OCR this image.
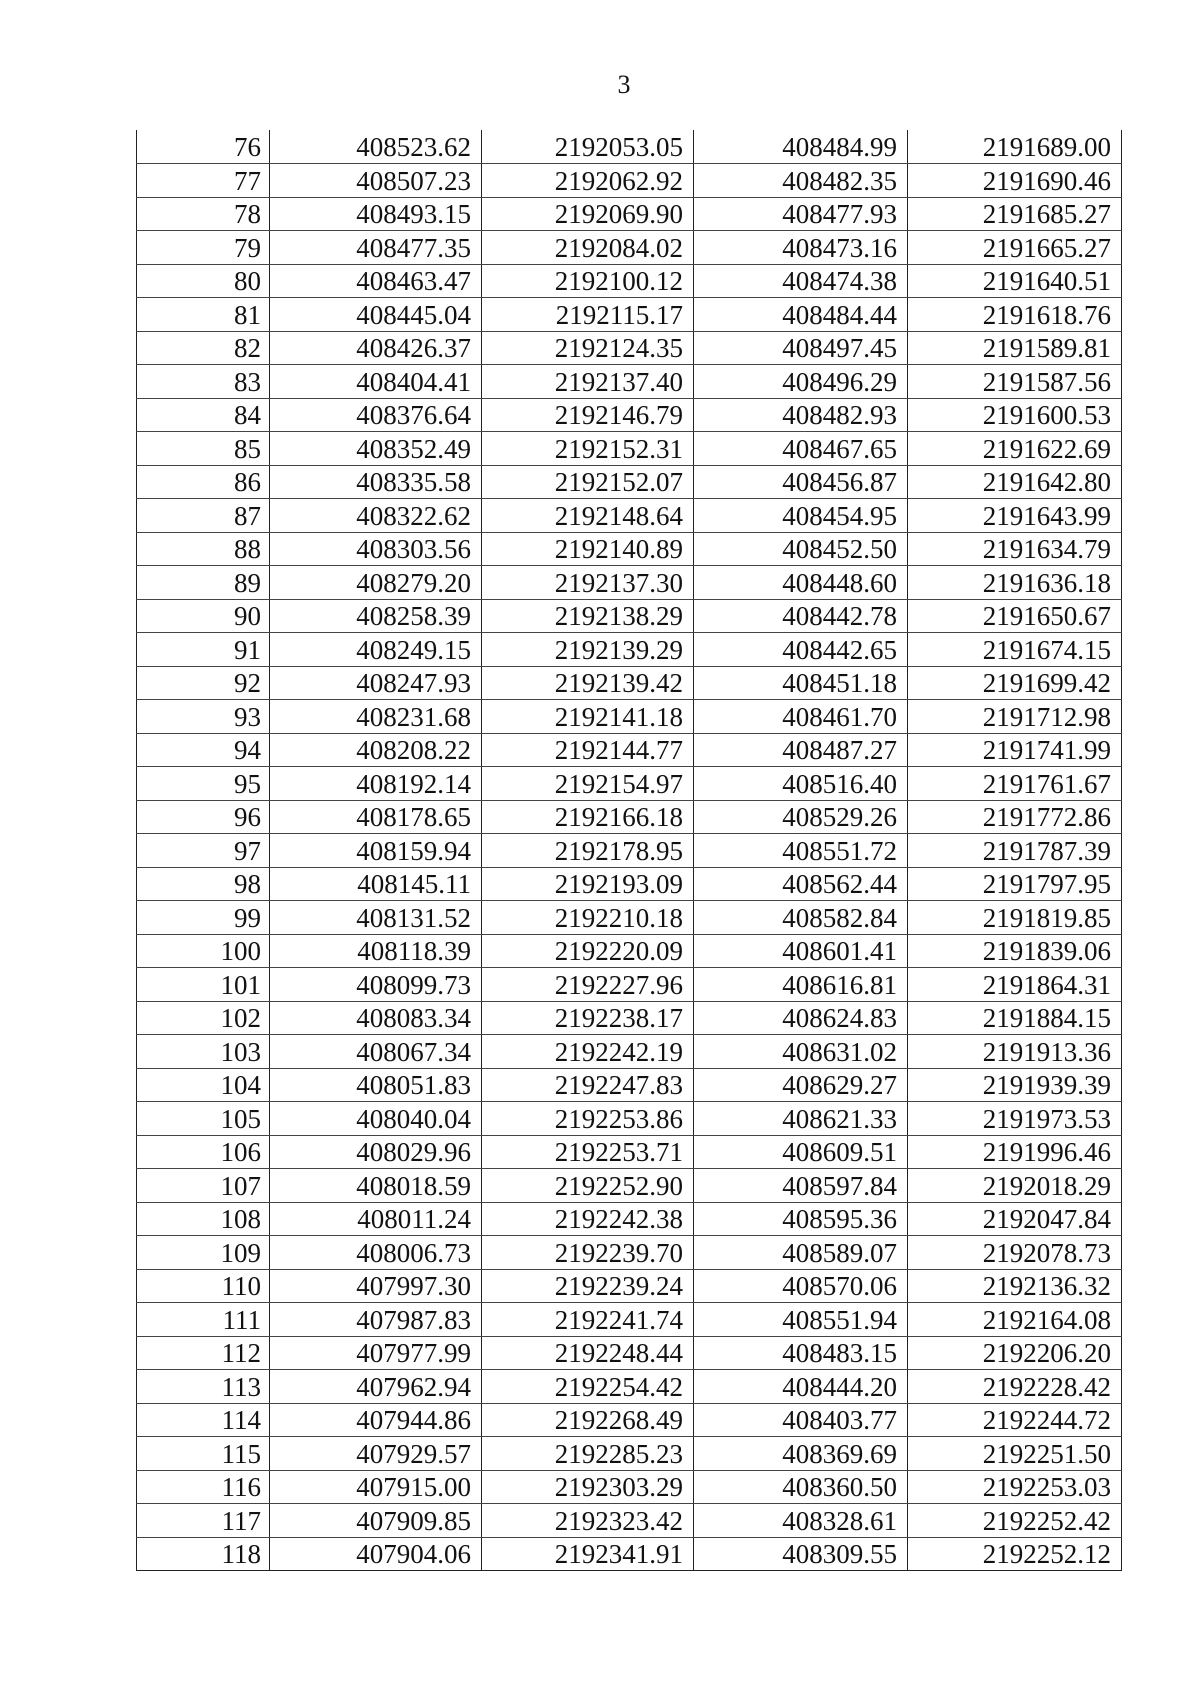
3
76	408523.62	2192053.05	408484.99	2191689.00
77	408507.23	2192062.92	408482.35	2191690.46
78	408493.15	2192069.90	408477.93	2191685.27
79	408477.35	2192084.02	408473.16	2191665.27
80	408463.47	2192100.12	408474.38	2191640.51
81	408445.04	2192115.17	408484.44	2191618.76
82	408426.37	2192124.35	408497.45	2191589.81
83	408404.41	2192137.40	408496.29	2191587.56
84	408376.64	2192146.79	408482.93	2191600.53
85	408352.49	2192152.31	408467.65	2191622.69
86	408335.58	2192152.07	408456.87	2191642.80
87	408322.62	2192148.64	408454.95	2191643.99
88	408303.56	2192140.89	408452.50	2191634.79
89	408279.20	2192137.30	408448.60	2191636.18
90	408258.39	2192138.29	408442.78	2191650.67
91	408249.15	2192139.29	408442.65	2191674.15
92	408247.93	2192139.42	408451.18	2191699.42
93	408231.68	2192141.18	408461.70	2191712.98
94	408208.22	2192144.77	408487.27	2191741.99
95	408192.14	2192154.97	408516.40	2191761.67
96	408178.65	2192166.18	408529.26	2191772.86
97	408159.94	2192178.95	408551.72	2191787.39
98	408145.11	2192193.09	408562.44	2191797.95
99	408131.52	2192210.18	408582.84	2191819.85
100	408118.39	2192220.09	408601.41	2191839.06
101	408099.73	2192227.96	408616.81	2191864.31
102	408083.34	2192238.17	408624.83	2191884.15
103	408067.34	2192242.19	408631.02	2191913.36
104	408051.83	2192247.83	408629.27	2191939.39
105	408040.04	2192253.86	408621.33	2191973.53
106	408029.96	2192253.71	408609.51	2191996.46
107	408018.59	2192252.90	408597.84	2192018.29
108	408011.24	2192242.38	408595.36	2192047.84
109	408006.73	2192239.70	408589.07	2192078.73
110	407997.30	2192239.24	408570.06	2192136.32
111	407987.83	2192241.74	408551.94	2192164.08
112	407977.99	2192248.44	408483.15	2192206.20
113	407962.94	2192254.42	408444.20	2192228.42
114	407944.86	2192268.49	408403.77	2192244.72
115	407929.57	2192285.23	408369.69	2192251.50
116	407915.00	2192303.29	408360.50	2192253.03
117	407909.85	2192323.42	408328.61	2192252.42
118	407904.06	2192341.91	408309.55	2192252.12
